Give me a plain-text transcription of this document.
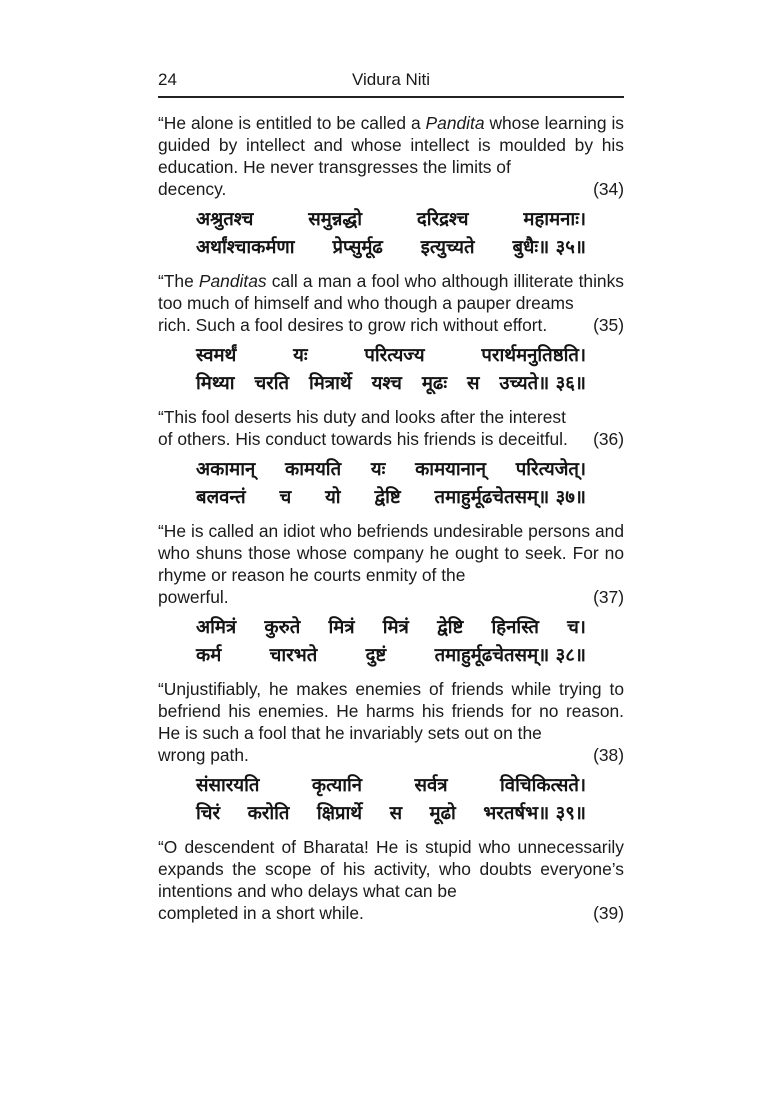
24	Vidura Niti

“He alone is entitled to be called a Pandita whose learning is guided by intellect and whose intellect is moulded by his education. He never transgresses the limits of
decency.	(34)

अश्रुतश्च	समुन्नद्धो	दरिद्रश्च	महामनाः।
अर्थांश्चाकर्मणा प्रेप्सुर्मूढ इत्युच्यते बुधैः॥ ३५॥

“The Panditas call a man a fool who although illiterate thinks too much of himself and who though a pauper dreams
rich. Such a fool desires to grow rich without effort.	(35)

स्वमर्थं	यः	परित्यज्य	परार्थमनुतिष्ठति।
मिथ्या चरति मित्रार्थे यश्च मूढः स उच्यते॥ ३६॥

“This fool deserts his duty and looks after the interest
of others. His conduct towards his friends is deceitful. (36)

अकामान् कामयति यः कामयानान् परित्यजेत्।
बलवन्तं च यो द्वेष्टि तमाहुर्मूढचेतसम्॥ ३७॥

“He is called an idiot who befriends undesirable persons and who shuns those whose company he ought to seek. For no rhyme or reason he courts enmity of the
powerful.	(37)

अमित्रं कुरुते मित्रं मित्रं द्वेष्टि हिनस्ति च।
कर्म	चारभते	दुष्टं	तमाहुर्मूढचेतसम्॥ ३८॥

“Unjustifiably, he makes enemies of friends while trying to befriend his enemies. He harms his friends for no reason. He is such a fool that he invariably sets out on the
wrong path.	(38)

संसारयति	कृत्यानि	सर्वत्र	विचिकित्सते।
चिरं करोति क्षिप्रार्थे स मूढो भरतर्षभ॥ ३९॥

“O descendent of Bharata! He is stupid who unnecessarily expands the scope of his activity, who doubts everyone’s intentions and who delays what can be
completed in a short while.	(39)
